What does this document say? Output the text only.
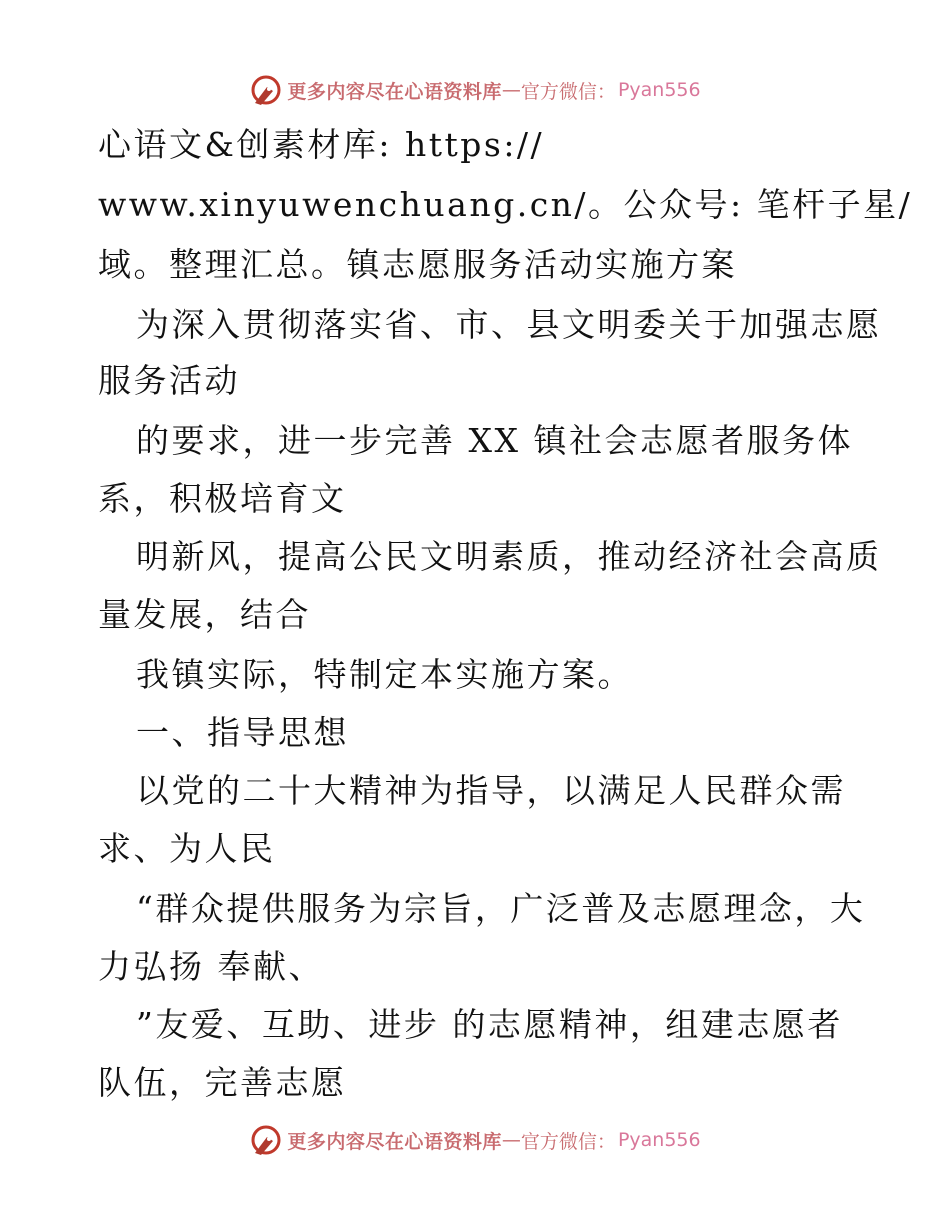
更多内容尽在心语资料库 — 官方微信： Pyan556
心语文&创素材库: https://
www.xinyuwenchuang.cn/。公众号: 笔杆子星/
域。整理汇总。镇志愿服务活动实施方案
为深入贯彻落实省、市、县文明委关于加强志愿
服务活动
的要求，进一步完善 XX 镇社会志愿者服务体
系，积极培育文
明新风，提高公民文明素质，推动经济社会高质
量发展，结合
我镇实际，特制定本实施方案。
一、指导思想
以党的二十大精神为指导，以满足人民群众需
求、为人民
“群众提供服务为宗旨，广泛普及志愿理念，大
力弘扬 奉献、
”友爱、互助、进步 的志愿精神，组建志愿者
队伍，完善志愿
更多内容尽在心语资料库 — 官方微信： Pyan556
